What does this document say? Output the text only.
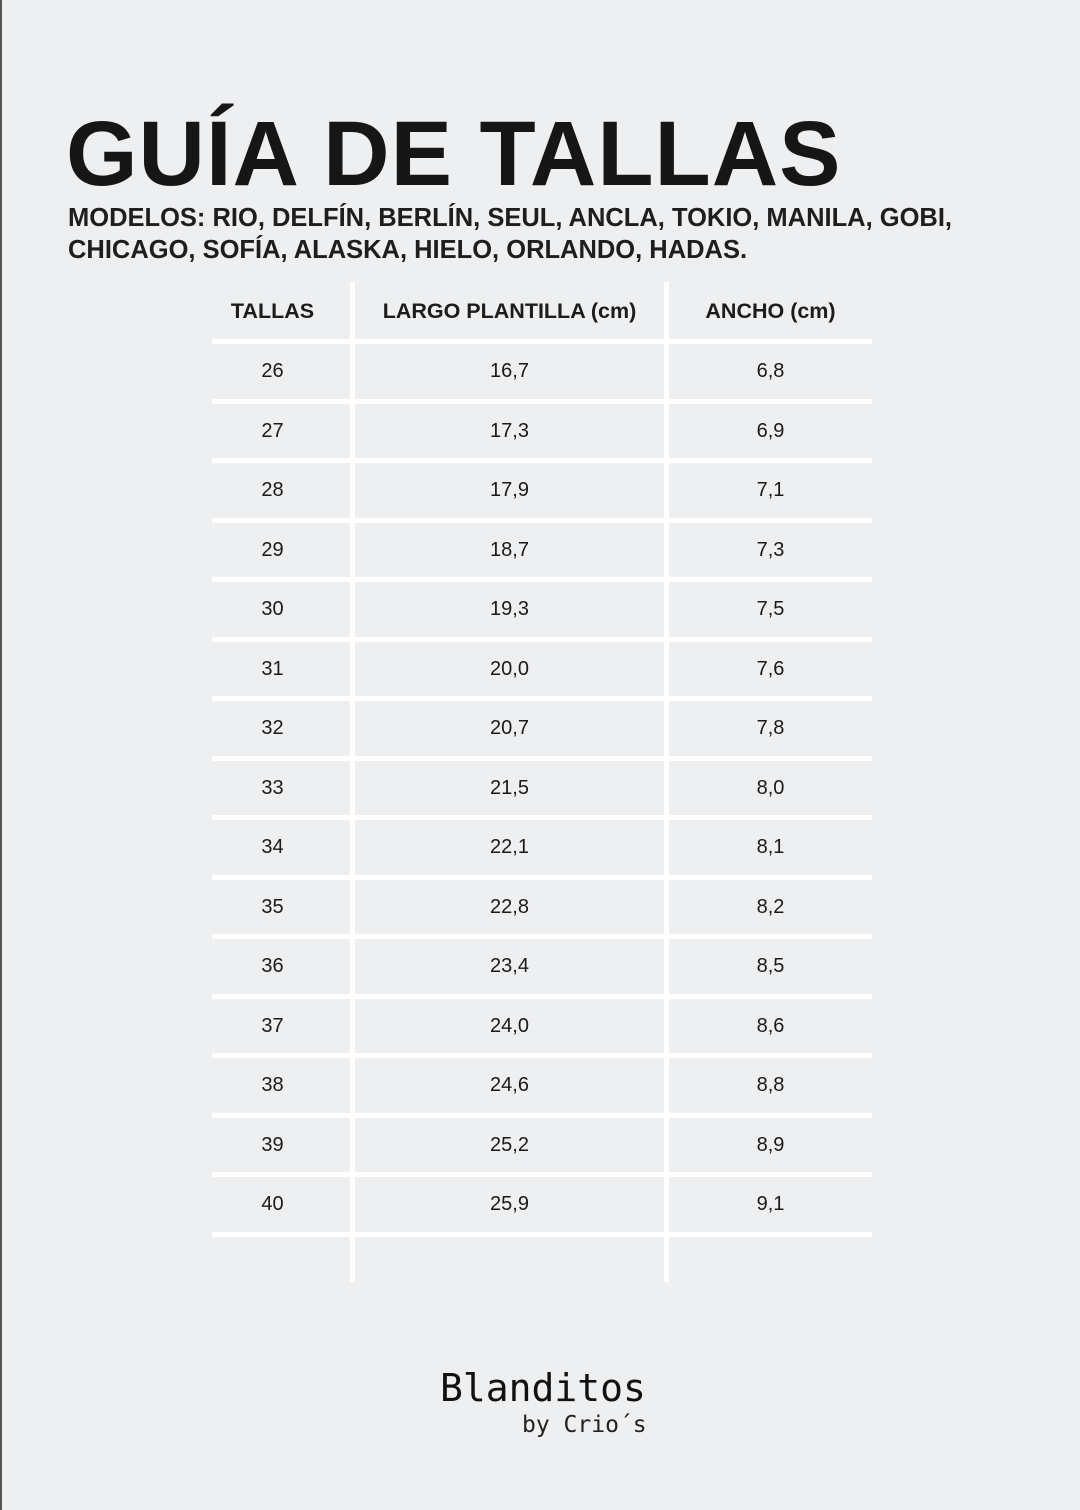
GUÍA DE TALLAS

MODELOS: RIO, DELFÍN, BERLÍN, SEUL, ANCLA, TOKIO, MANILA, GOBI, CHICAGO, SOFÍA, ALASKA, HIELO, ORLANDO, HADAS.

TALLAS	LARGO PLANTILLA (cm)	ANCHO (cm)
26	16,7	6,8
27	17,3	6,9
28	17,9	7,1
29	18,7	7,3
30	19,3	7,5
31	20,0	7,6
32	20,7	7,8
33	21,5	8,0
34	22,1	8,1
35	22,8	8,2
36	23,4	8,5
37	24,0	8,6
38	24,6	8,8
39	25,2	8,9
40	25,9	9,1
Blanditos
by Crio´s
